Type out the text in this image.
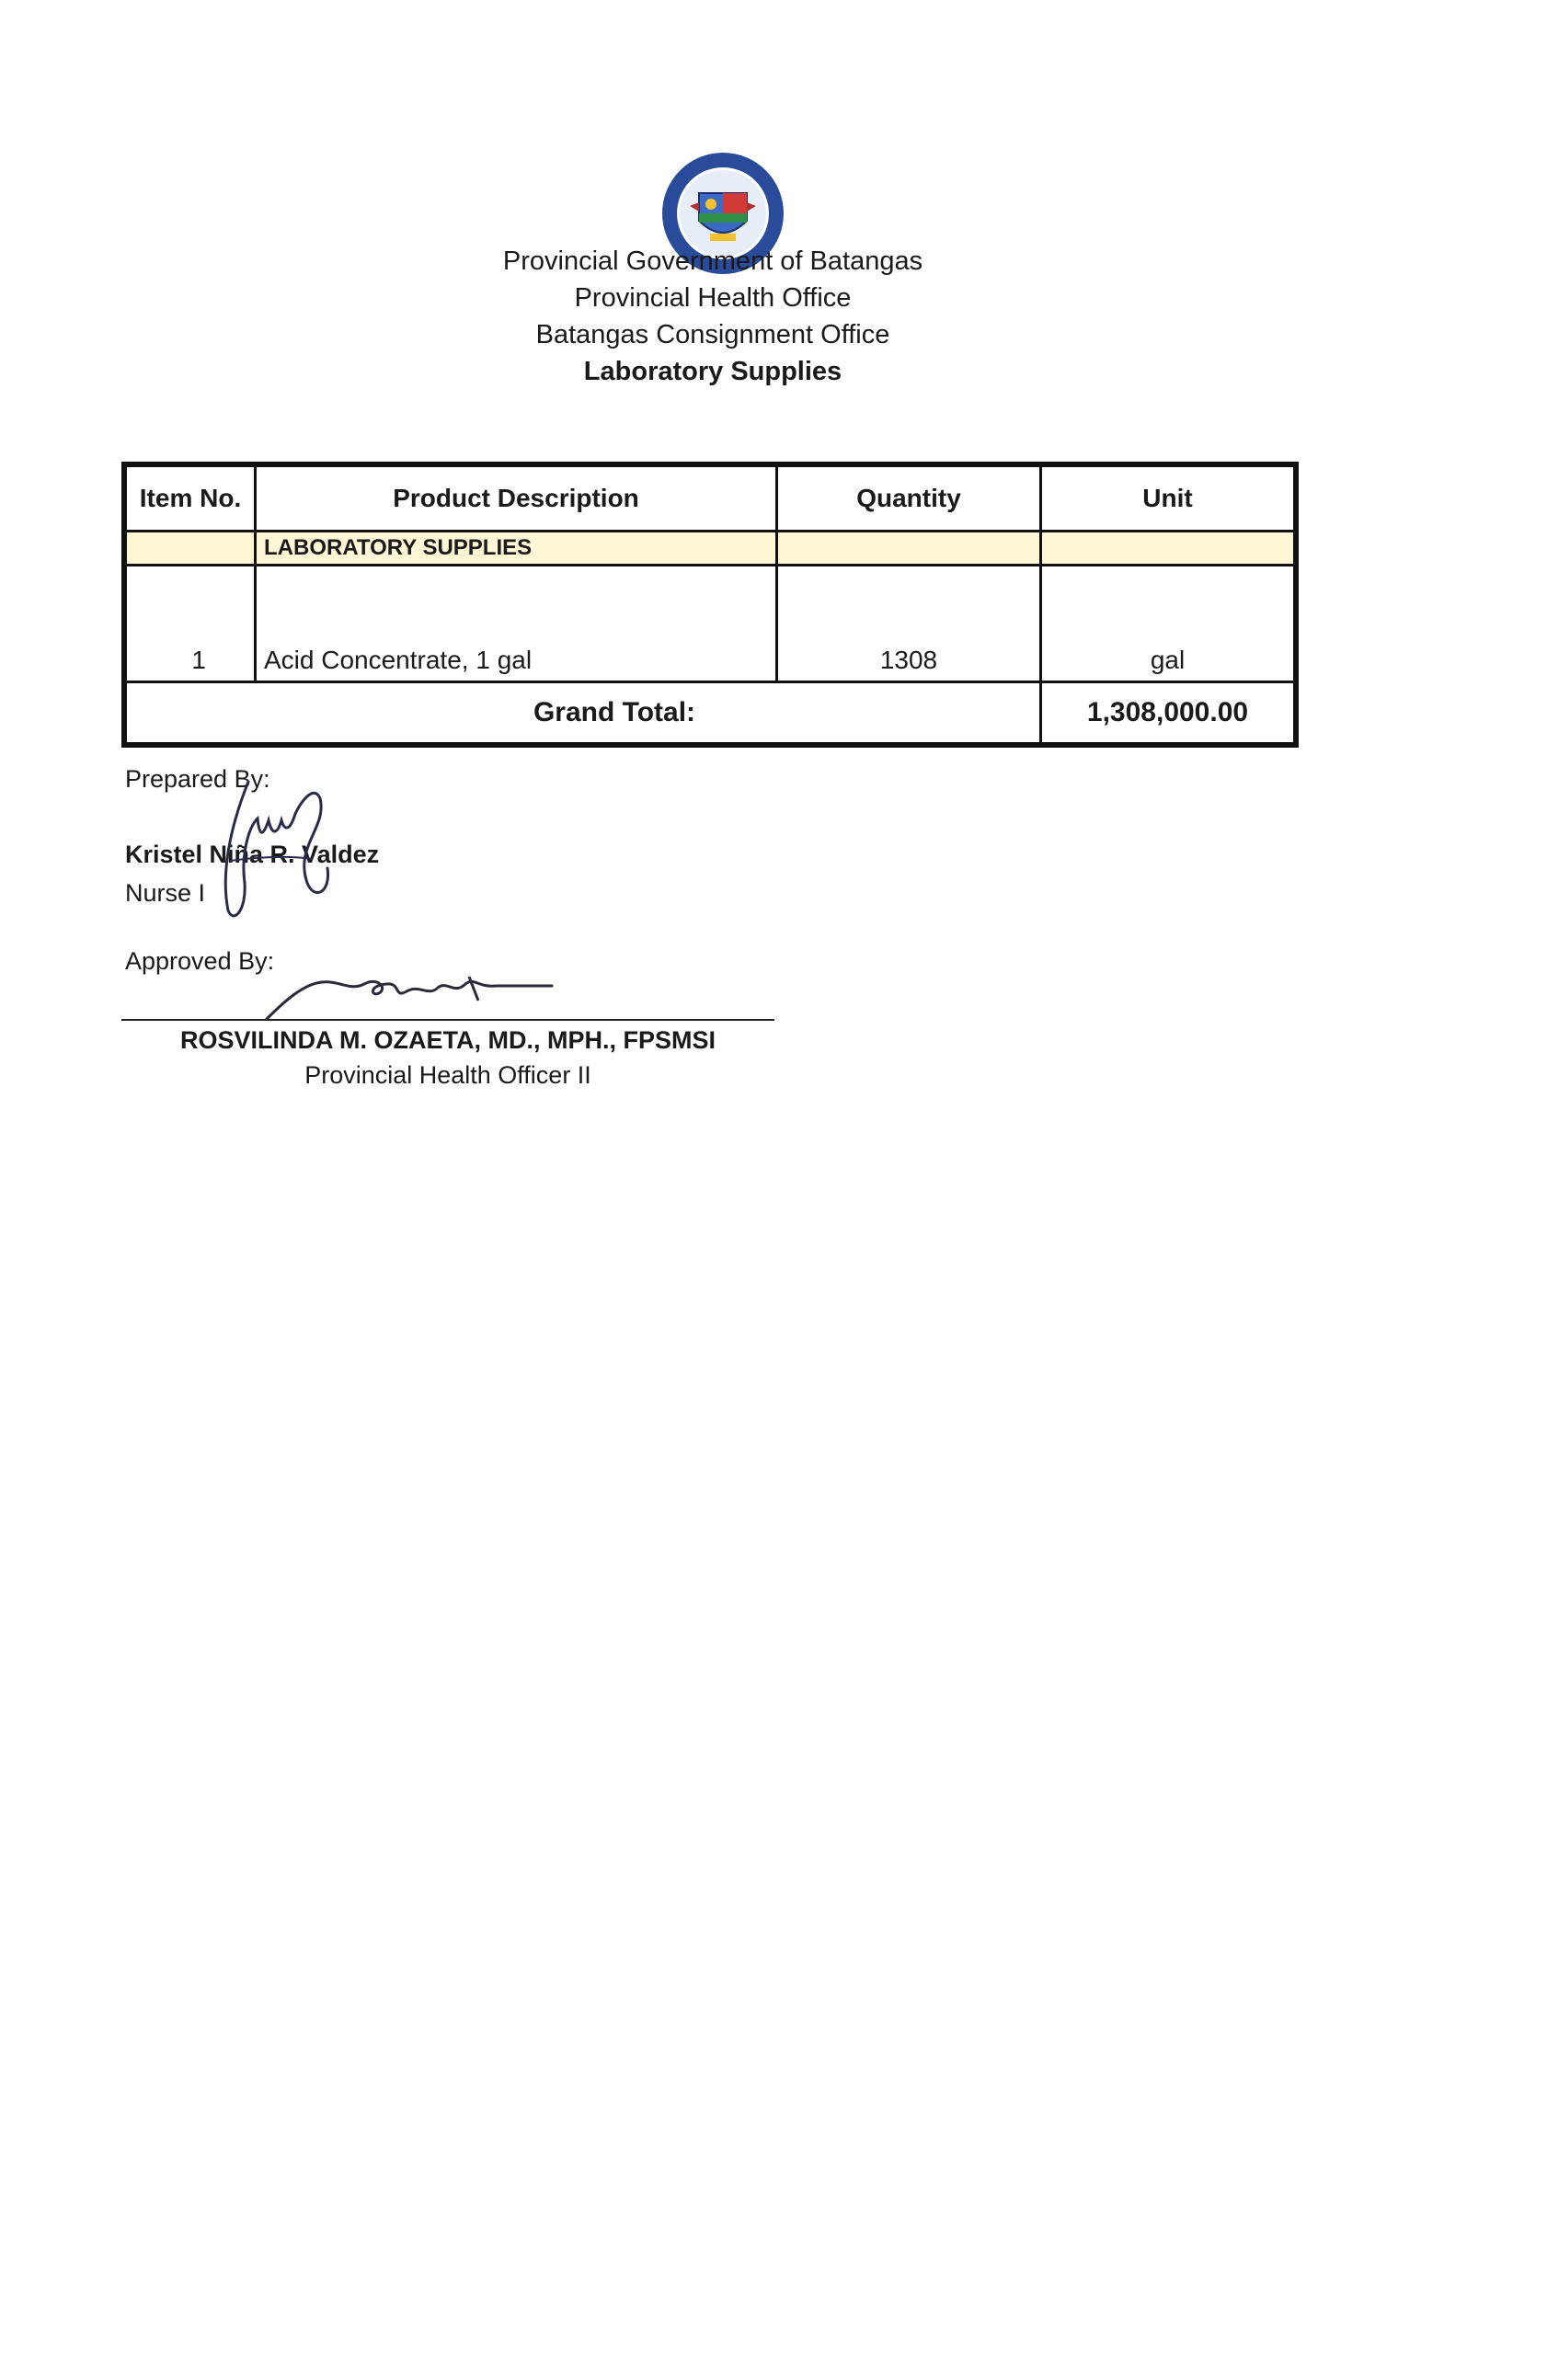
Provincial Government of Batangas
Provincial Health Office
Batangas Consignment Office
Laboratory Supplies
Item No.	Product Description	Quantity	Unit
	LABORATORY SUPPLIES		
1	Acid Concentrate, 1 gal	1308	gal
Grand Total:			1,308,000.00
Prepared By:
Kristel Niña R. Valdez
Nurse I
Approved By:
ROSVILINDA M. OZAETA, MD., MPH., FPSMSI
Provincial Health Officer II
